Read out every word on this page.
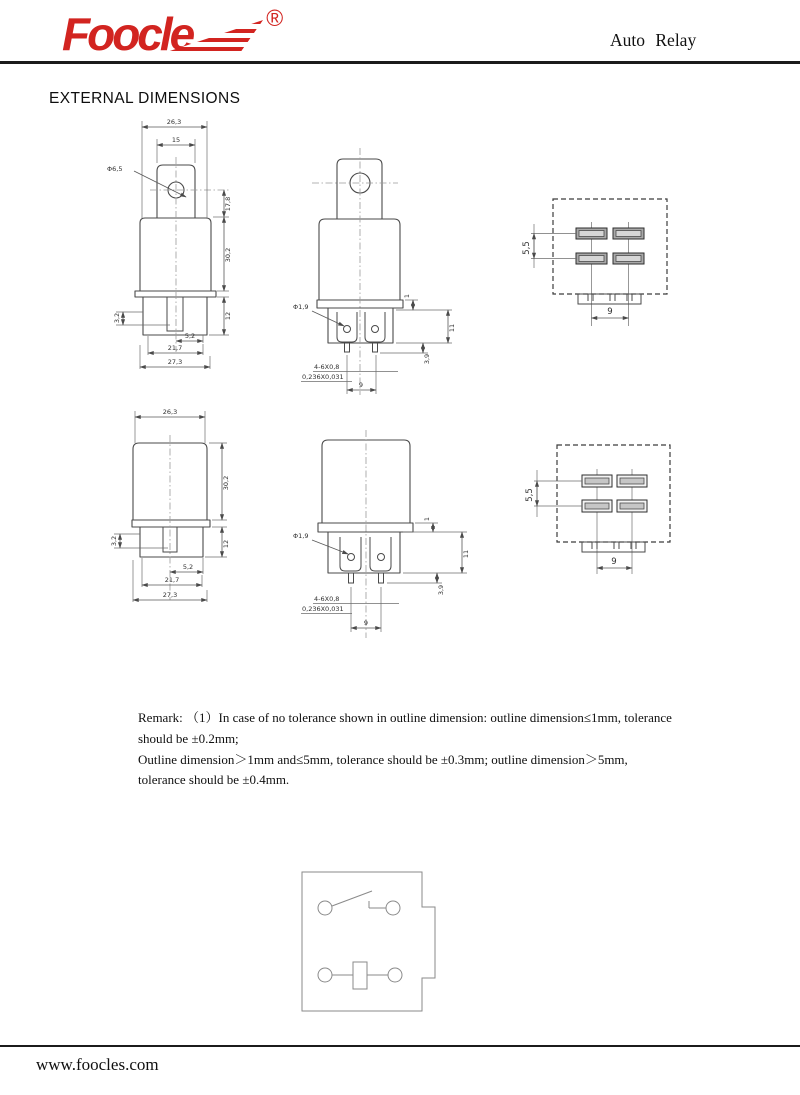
Foocle	®
Auto Relay
EXTERNAL DIMENSIONS
26,3
15
Φ6,5
17,8
30,2
12
3,2
5,2
21,7
27,3
Φ1,9
1
11
3,9
4-6X0,8
0,236X0,031
9
5,5
9
26,3
30,2
3,2	12
5,2
21,7
27,3
Φ1,9
1
11
3,9
4-6X0,8
0,236X0,031
9
5,5
9
Remark: （1）In case of no tolerance shown in outline dimension: outline dimension≤1mm, tolerance should be ±0.2mm;
Outline dimension＞1mm and≤5mm, tolerance should be ±0.3mm; outline dimension＞5mm,
tolerance should be ±0.4mm.
www.foocles.com
